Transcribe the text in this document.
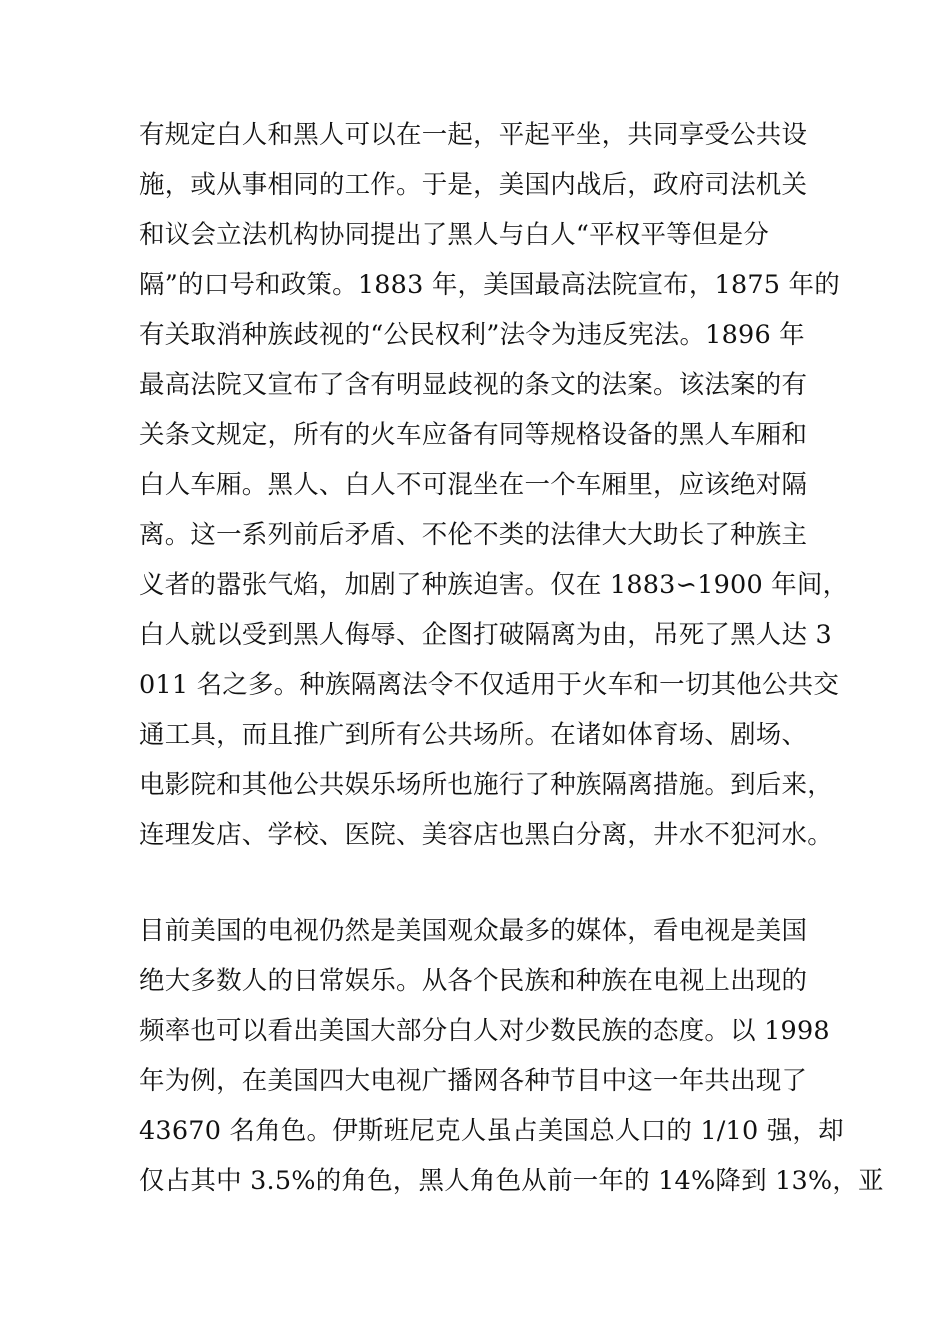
有规定白人和黑人可以在一起，平起平坐，共同享受公共设
施，或从事相同的工作。于是，美国内战后，政府司法机关
和议会立法机构协同提出了黑人与白人“平权平等但是分
隔”的口号和政策。1883 年，美国最高法院宣布，1875 年的
有关取消种族歧视的“公民权利”法令为违反宪法。1896 年
最高法院又宣布了含有明显歧视的条文的法案。该法案的有
关条文规定，所有的火车应备有同等规格设备的黑人车厢和
白人车厢。黑人、白人不可混坐在一个车厢里，应该绝对隔
离。这一系列前后矛盾、不伦不类的法律大大助长了种族主
义者的嚣张气焰，加剧了种族迫害。仅在 1883∽1900 年间，
白人就以受到黑人侮辱、企图打破隔离为由，吊死了黑人达 3
011 名之多。种族隔离法令不仅适用于火车和一切其他公共交
通工具，而且推广到所有公共场所。在诸如体育场、剧场、
电影院和其他公共娱乐场所也施行了种族隔离措施。到后来，
连理发店、学校、医院、美容店也黑白分离，井水不犯河水。
目前美国的电视仍然是美国观众最多的媒体，看电视是美国
绝大多数人的日常娱乐。从各个民族和种族在电视上出现的
频率也可以看出美国大部分白人对少数民族的态度。以 1998
年为例，在美国四大电视广播网各种节目中这一年共出现了
43670 名角色。伊斯班尼克人虽占美国总人口的 1/10 强，却
仅占其中 3.5%的角色，黑人角色从前一年的 14%降到 13%，亚
